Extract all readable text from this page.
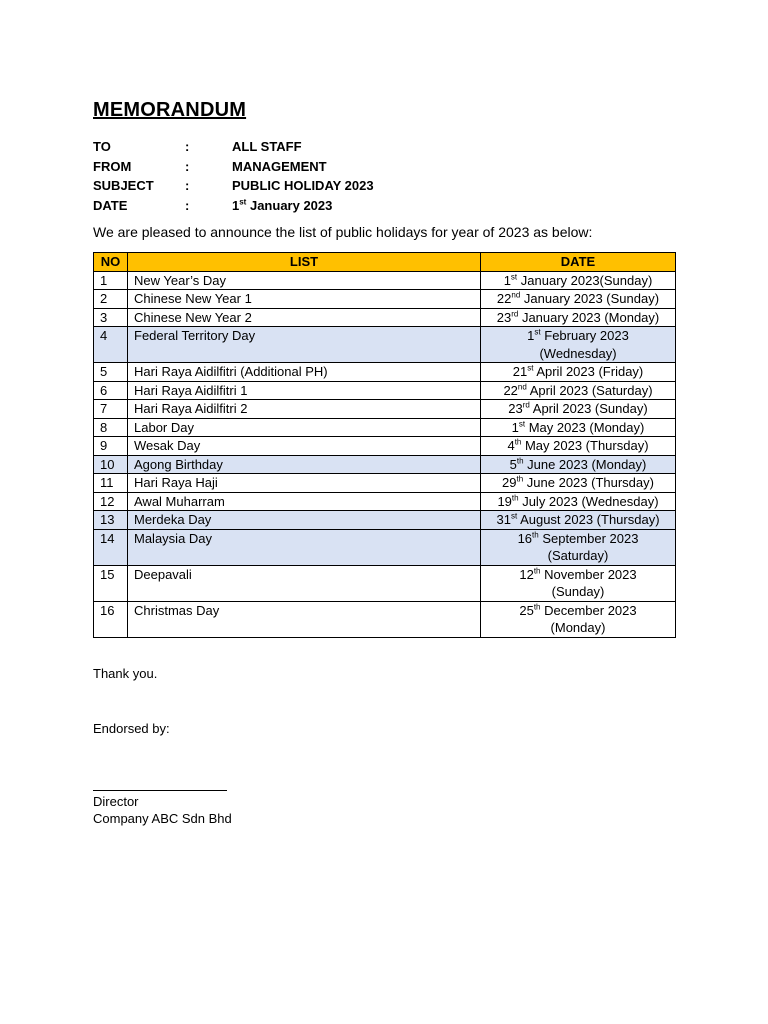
MEMORANDUM
TO	:	ALL STAFF
FROM	:	MANAGEMENT
SUBJECT :	PUBLIC HOLIDAY 2023
DATE	:	1st January 2023
We are pleased to announce the list of public holidays for year of 2023 as below:
NO	LIST	DATE
1	New Year’s Day	1st January 2023(Sunday)
2	Chinese New Year 1	22nd January 2023 (Sunday)
3	Chinese New Year 2	23rd January 2023 (Monday)
4	Federal Territory Day	1st February 2023 (Wednesday)
5	Hari Raya Aidilfitri (Additional PH)	21st April 2023 (Friday)
6	Hari Raya Aidilfitri 1	22nd April 2023 (Saturday)
7	Hari Raya Aidilfitri 2	23rd April 2023 (Sunday)
8	Labor Day	1st May 2023 (Monday)
9	Wesak Day	4th May 2023 (Thursday)
10	Agong Birthday	5th June 2023 (Monday)
11	Hari Raya Haji	29th June 2023 (Thursday)
12	Awal Muharram	19th July 2023 (Wednesday)
13	Merdeka Day	31st August 2023 (Thursday)
14	Malaysia Day	16th September 2023 (Saturday)
15	Deepavali	12th November 2023 (Sunday)
16	Christmas Day	25th December 2023 (Monday)
Thank you.
Endorsed by:
Director
Company ABC Sdn Bhd
